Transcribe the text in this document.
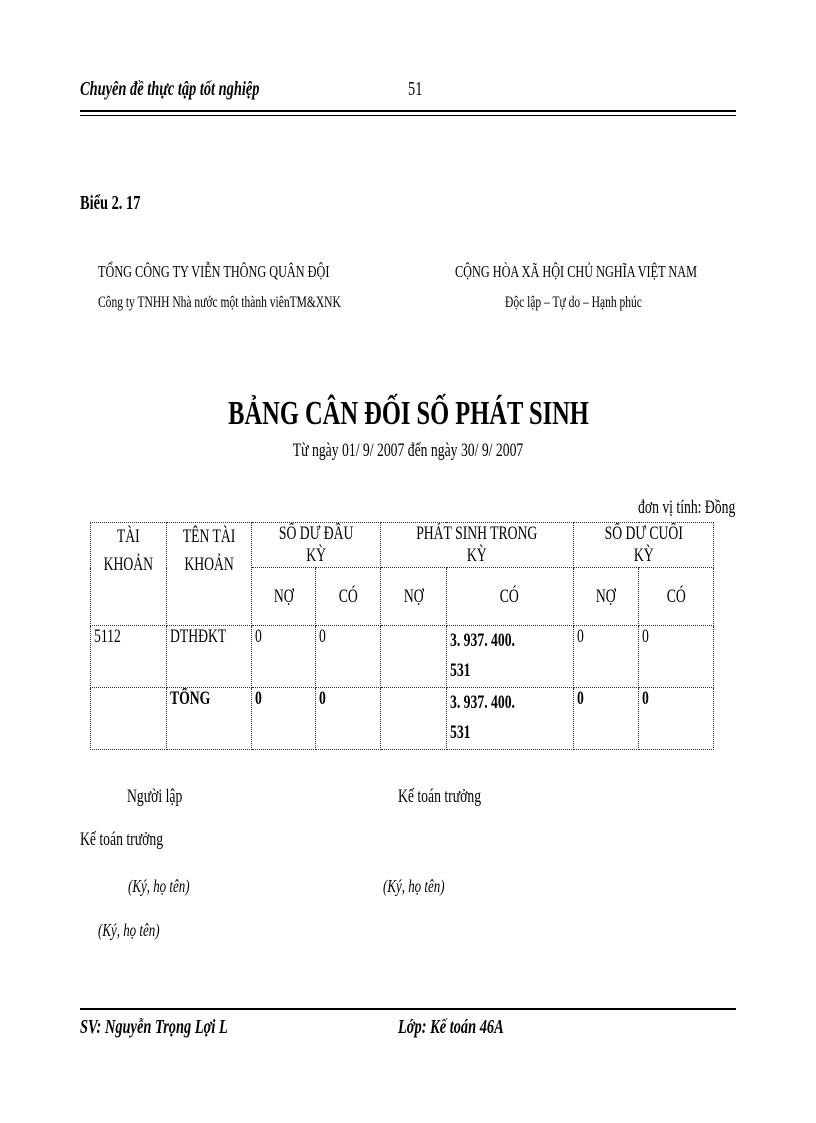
Chuyên đề thực tập tốt nghiệp	51
Biểu 2. 17
TỔNG CÔNG TY VIỄN THÔNG QUÂN ĐỘI
Công ty TNHH Nhà nước một thành viênTM&XNK
CỘNG HÒA XÃ HỘI CHỦ NGHĨA VIỆT NAM
Độc lập – Tự do – Hạnh phúc
BẢNG CÂN ĐỐI SỐ PHÁT SINH
Từ ngày 01/ 9/ 2007 đến ngày 30/ 9/ 2007
đơn vị tính: Đồng
TÀI KHOẢN	TÊN TÀI KHOẢN	SỐ DƯ ĐẦU KỲ		PHÁT SINH TRONG KỲ		SỐ DƯ CUỐI KỲ	
		NỢ	CÓ	NỢ	CÓ	NỢ	CÓ
5112	DTHĐKT	0	0		3. 937. 400. 531	0	0
	TỔNG	0	0		3. 937. 400. 531	0	0
Người lập	Kế toán trưởng
Kế toán trưởng
(Ký, họ tên)	(Ký, họ tên)
(Ký, họ tên)
SV: Nguyễn Trọng Lợi L	Lớp: Kế toán 46A
